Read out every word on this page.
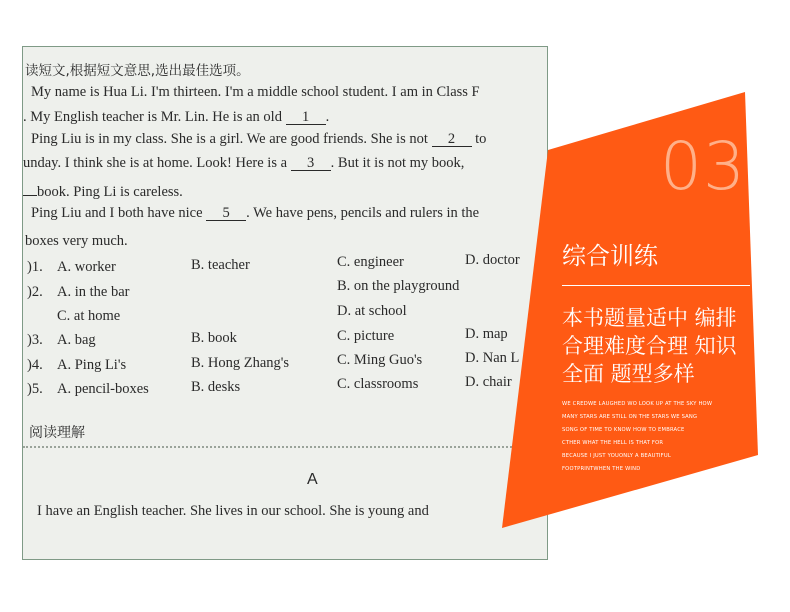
读短文,根据短文意思,选出最佳选项。
My name is Hua Li. I'm thirteen. I'm a middle school student. I am in Class F
. My English teacher is Mr. Lin. He is an old 1 .
Ping Liu is in my class. She is a girl. We are good friends. She is not 2 to
unday. I think she is at home. Look! Here is a 3 . But it is not my book,
book. Ping Li is careless.
Ping Liu and I both have nice 5 . We have pens, pencils and rulers in the
boxes very much.
)1. A. worker	B. teacher	C. engineer	D. doctor
)2. A. in the bar	B. on the playground
C. at home	D. at school
)3. A. bag	B. book	C. picture	D. map
)4. A. Ping Li's	B. Hong Zhang's	C. Ming Guo's	D. Nan L
)5. A. pencil-boxes	B. desks	C. classrooms	D. chair
阅读理解
A
I have an English teacher. She lives in our school. She is young and
03
综合训练
本书题量适中 编排
合理难度合理 知识
全面 题型多样
WE CREDWE LAUGHED WO LOOK UP AT THE SKY HOW
MANY STARS ARE STILL ON THE STARS WE SANG
SONG OF TIME TO KNOW HOW TO EMBRACE
CTHER WHAT THE HELL IS THAT FOR
BECAUSE I JUST YOUONLY A BEAUTIFUL
FOOTPRINTWHEN THE WIND
